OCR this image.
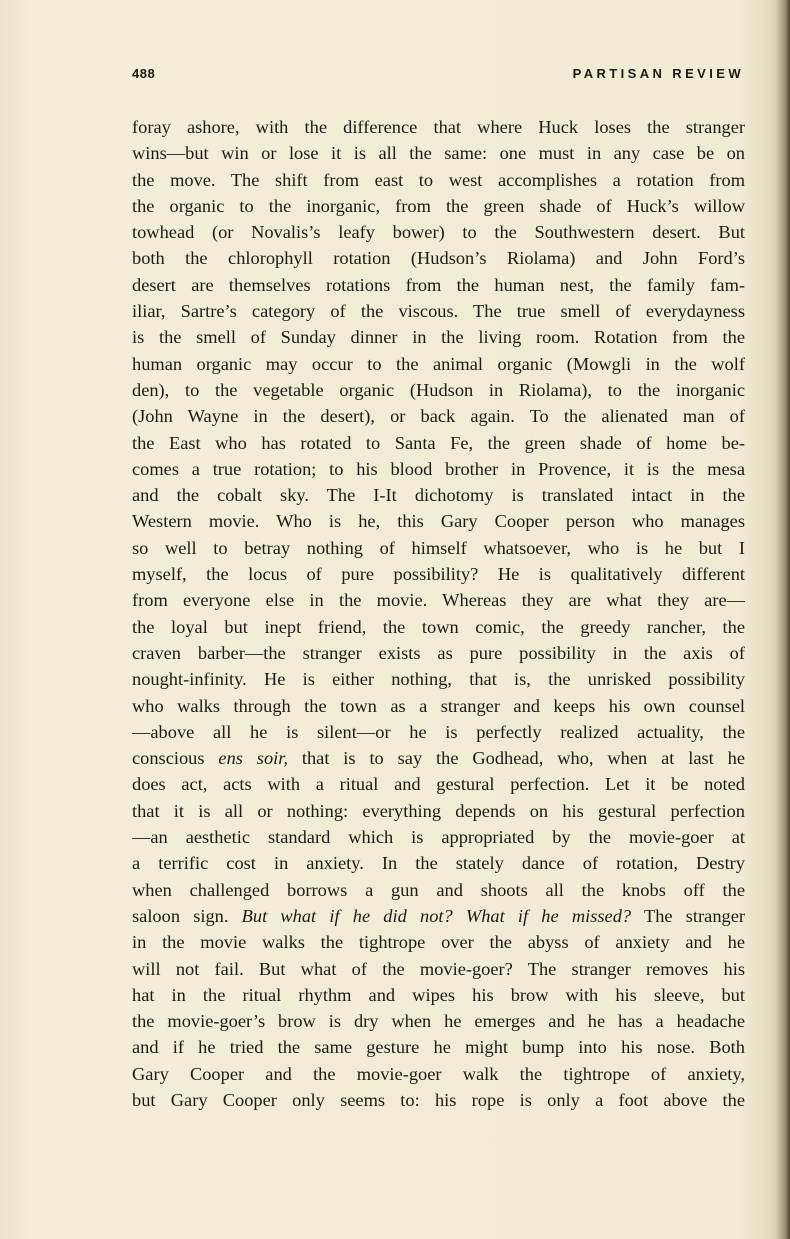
488	PARTISAN REVIEW
foray ashore, with the difference that where Huck loses the stranger
wins—but win or lose it is all the same: one must in any case be on
the move. The shift from east to west accomplishes a rotation from
the organic to the inorganic, from the green shade of Huck’s willow
towhead (or Novalis’s leafy bower) to the Southwestern desert. But
both the chlorophyll rotation (Hudson’s Riolama) and John Ford’s
desert are themselves rotations from the human nest, the family fam-
iliar, Sartre’s category of the viscous. The true smell of everydayness
is the smell of Sunday dinner in the living room. Rotation from the
human organic may occur to the animal organic (Mowgli in the wolf
den), to the vegetable organic (Hudson in Riolama), to the inorganic
(John Wayne in the desert), or back again. To the alienated man of
the East who has rotated to Santa Fe, the green shade of home be-
comes a true rotation; to his blood brother in Provence, it is the mesa
and the cobalt sky. The I-It dichotomy is translated intact in the
Western movie. Who is he, this Gary Cooper person who manages
so well to betray nothing of himself whatsoever, who is he but I
myself, the locus of pure possibility? He is qualitatively different
from everyone else in the movie. Whereas they are what they are—
the loyal but inept friend, the town comic, the greedy rancher, the
craven barber—the stranger exists as pure possibility in the axis of
nought-infinity. He is either nothing, that is, the unrisked possibility
who walks through the town as a stranger and keeps his own counsel
—above all he is silent—or he is perfectly realized actuality, the
conscious ens soir, that is to say the Godhead, who, when at last he
does act, acts with a ritual and gestural perfection. Let it be noted
that it is all or nothing: everything depends on his gestural perfection
—an aesthetic standard which is appropriated by the movie-goer at
a terrific cost in anxiety. In the stately dance of rotation, Destry
when challenged borrows a gun and shoots all the knobs off the
saloon sign. But what if he did not? What if he missed? The stranger
in the movie walks the tightrope over the abyss of anxiety and he
will not fail. But what of the movie-goer? The stranger removes his
hat in the ritual rhythm and wipes his brow with his sleeve, but
the movie-goer’s brow is dry when he emerges and he has a headache
and if he tried the same gesture he might bump into his nose. Both
Gary Cooper and the movie-goer walk the tightrope of anxiety,
but Gary Cooper only seems to: his rope is only a foot above the
